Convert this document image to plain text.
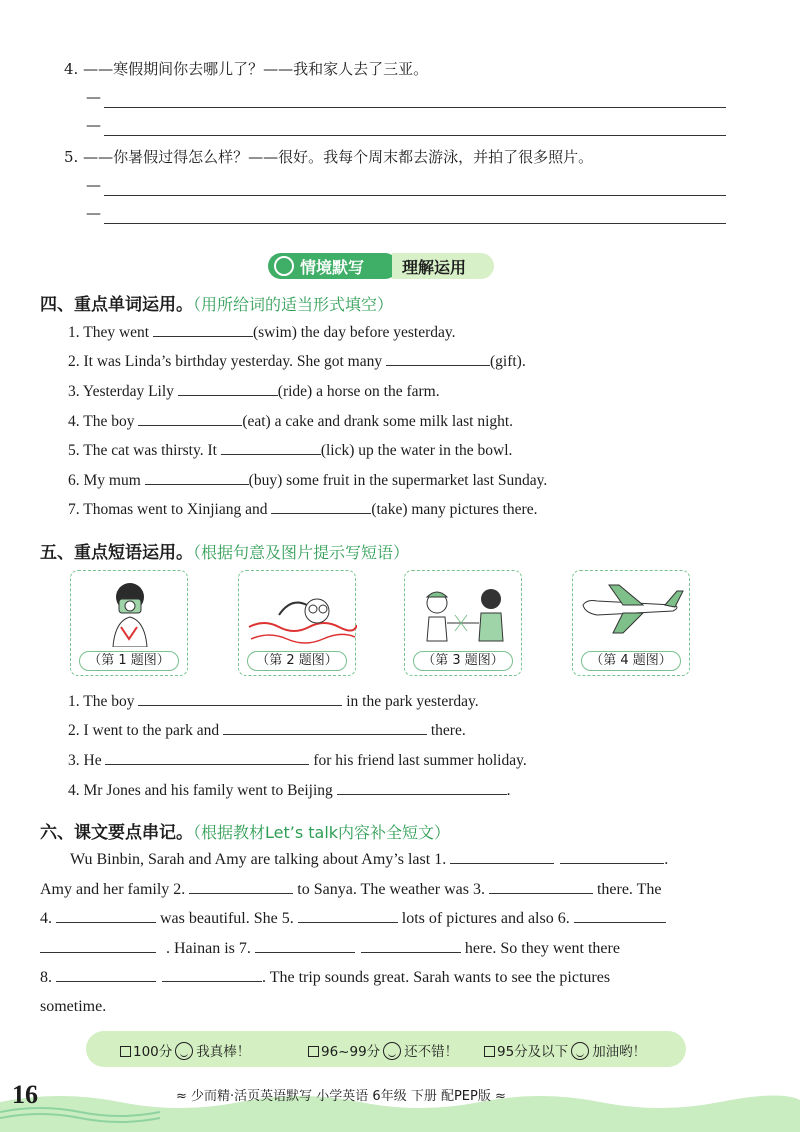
4. ——寒假期间你去哪儿了？——我和家人去了三亚。
—
—
5. ——你暑假过得怎么样？——很好。我每个周末都去游泳，并拍了很多照片。
—
—
情境默写 理解运用
四、重点单词运用。（用所给词的适当形式填空）
1. They went	(swim) the day before yesterday.
2. It was Linda’s birthday yesterday. She got many	(gift).
3. Yesterday Lily	(ride) a horse on the farm.
4. The boy	(eat) a cake and drank some milk last night.
5. The cat was thirsty. It	(lick) up the water in the bowl.
6. My mum	(buy) some fruit in the supermarket last Sunday.
7. Thomas went to Xinjiang and	(take) many pictures there.
五、重点短语运用。（根据句意及图片提示写短语）
（第 1 题图）	（第 2 题图）	（第 3 题图）	（第 4 题图）
1. The boy	in the park yesterday.
2. I went to the park and	there.
3. He	for his friend last summer holiday.
4. Mr Jones and his family went to Beijing	.
六、课文要点串记。（根据教材Let’s talk内容补全短文）
Wu Binbin, Sarah and Amy are talking about Amy’s last 1.	.
Amy and her family 2.	to Sanya. The weather was 3.	there. The
4.	was beautiful. She 5.	lots of pictures and also 6.
. Hainan is 7.	here. So they went there
8.	. The trip sounds great. Sarah wants to see the pictures
sometime.
100分 我真棒！	96~99分 还不错！	95分及以下 加油哟！
16	≈ 少而精·活页英语默写 小学英语 6年级 下册 配PEP版 ≈
